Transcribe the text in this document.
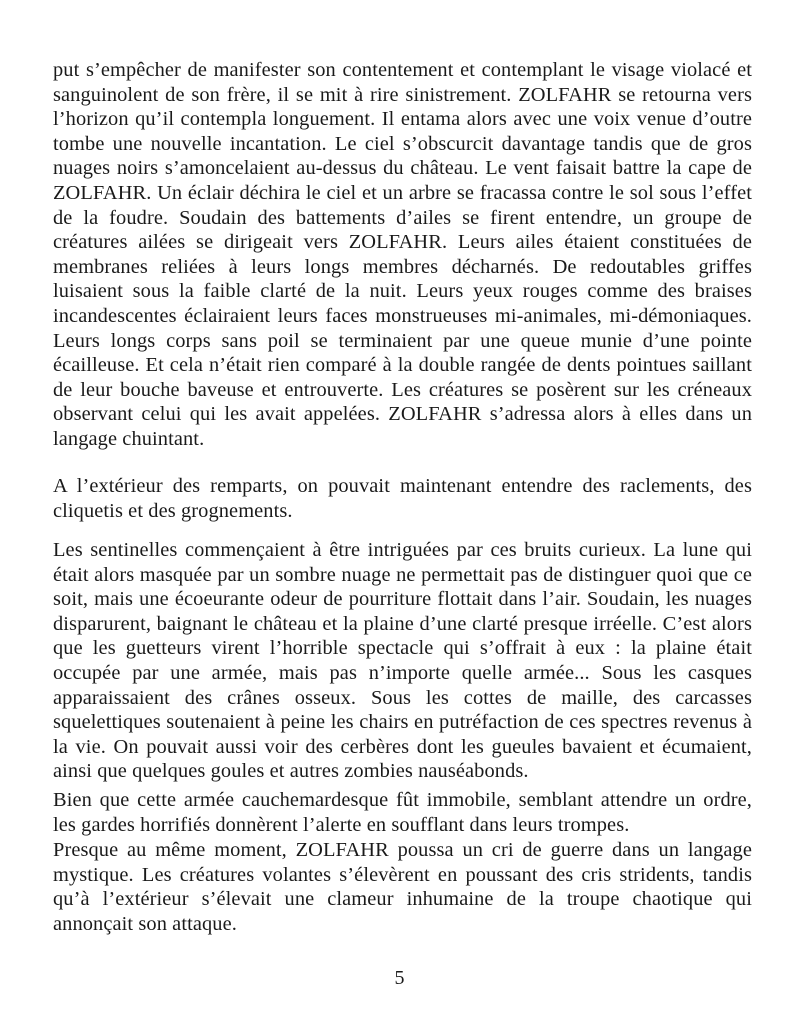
put s’empêcher de manifester son contentement et contemplant le visage violacé et sanguinolent de son frère, il se mit à rire sinistrement. ZOLFAHR se retourna vers l’horizon qu’il contempla longuement. Il entama alors avec une voix venue d’outre tombe une nouvelle incantation. Le ciel s’obscurcit davantage tandis que de gros nuages noirs s’amoncelaient au-dessus du château. Le vent faisait battre la cape de ZOLFAHR. Un éclair déchira le ciel et un arbre se fracassa contre le sol sous l’effet de la foudre. Soudain des battements d’ailes se firent entendre, un groupe de créatures ailées se dirigeait vers ZOLFAHR. Leurs ailes étaient constituées de membranes reliées à leurs longs membres décharnés. De redoutables griffes luisaient sous la faible clarté de la nuit. Leurs yeux rouges comme des braises incandescentes éclairaient leurs faces monstrueuses mi-animales, mi-démoniaques. Leurs longs corps sans poil se terminaient par une queue munie d’une pointe écailleuse. Et cela n’était rien comparé à la double rangée de dents pointues saillant de leur bouche baveuse et entrouverte. Les créatures se posèrent sur les créneaux observant celui qui les avait appelées. ZOLFAHR s’adressa alors à elles dans un langage chuintant.

A l’extérieur des remparts, on pouvait maintenant entendre des raclements, des cliquetis et des grognements.

Les sentinelles commençaient à être intriguées par ces bruits curieux. La lune qui était alors masquée par un sombre nuage ne permettait pas de distinguer quoi que ce soit, mais une écoeurante odeur de pourriture flottait dans l’air. Soudain, les nuages disparurent, baignant le château et la plaine d’une clarté presque irréelle. C’est alors que les guetteurs virent l’horrible spectacle qui s’offrait à eux : la plaine était occupée par une armée, mais pas n’importe quelle armée... Sous les casques apparaissaient des crânes osseux. Sous les cottes de maille, des carcasses squelettiques soutenaient à peine les chairs en putréfaction de ces spectres revenus à la vie. On pouvait aussi voir des cerbères dont les gueules bavaient et écumaient, ainsi que quelques goules et autres zombies nauséabonds.

Bien que cette armée cauchemardesque fût immobile, semblant attendre un ordre, les gardes horrifiés donnèrent l’alerte en soufflant dans leurs trompes.

Presque au même moment, ZOLFAHR poussa un cri de guerre dans un langage mystique. Les créatures volantes s’élevèrent en poussant des cris stridents, tandis qu’à l’extérieur s’élevait une clameur inhumaine de la troupe chaotique qui annonçait son attaque.

5
